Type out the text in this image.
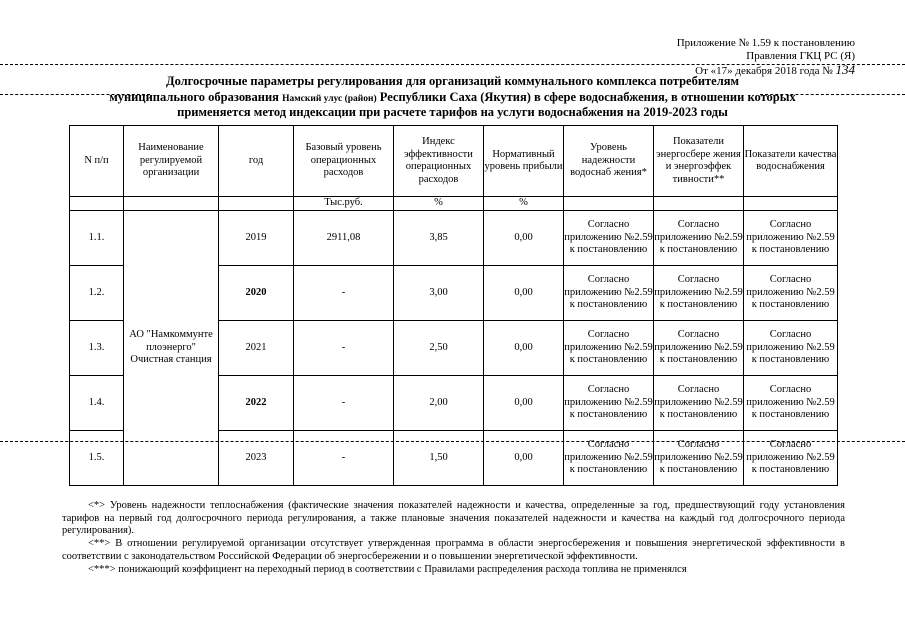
Приложение № 1.59 к постановлению
Правления ГКЦ РС (Я)
От «17» декабря 2018 года № 134
Долгосрочные параметры регулирования для организаций коммунального комплекса потребителям
муниципального образования Намский улус (район) Республики Саха (Якутия) в сфере водоснабжения, в отношении которых
применяется метод индексации при расчете тарифов на услуги водоснабжения на 2019-2023 годы
N п/п	Наименование регулируемой организации	год	Базовый уровень операционных расходов	Индекс эффективности операционных расходов	Нормативный уровень прибыли	Уровень надежности водоснаб жения*	Показатели энергосбере жения и энергоэффек тивности**	Показатели качества водоснабжения
			Тыс.руб.	%	%			
1.1.	АО "Намкоммунте плоэнерго" Очистная станция	2019	2911,08	3,85	0,00	Согласно приложению №2.59 к постановлению	Согласно приложению №2.59 к постановлению	Согласно приложению №2.59 к постановлению
1.2.		2020	-	3,00	0,00	Согласно приложению №2.59 к постановлению	Согласно приложению №2.59 к постановлению	Согласно приложению №2.59 к постановлению
1.3.		2021	-	2,50	0,00	Согласно приложению №2.59 к постановлению	Согласно приложению №2.59 к постановлению	Согласно приложению №2.59 к постановлению
1.4.		2022	-	2,00	0,00	Согласно приложению №2.59 к постановлению	Согласно приложению №2.59 к постановлению	Согласно приложению №2.59 к постановлению
1.5.		2023	-	1,50	0,00	Согласно приложению №2.59 к постановлению	Согласно приложению №2.59 к постановлению	Согласно приложению №2.59 к постановлению
<*> Уровень надежности теплоснабжения (фактические значения показателей надежности и качества, определенные за год, предшествующий году установления тарифов на первый год долгосрочного периода регулирования, а также плановые значения показателей надежности и качества на каждый год долгосрочного периода регулирования).
<**> В отношении регулируемой организации отсутствует утвержденная программа в области энергосбережения и повышения энергетической эффективности в соответствии с законодательством Российской Федерации об энергосбережении и о повышении энергетической эффективности.
<***> понижающий коэффициент на переходный период в соответствии с Правилами распределения расхода топлива не применялся
